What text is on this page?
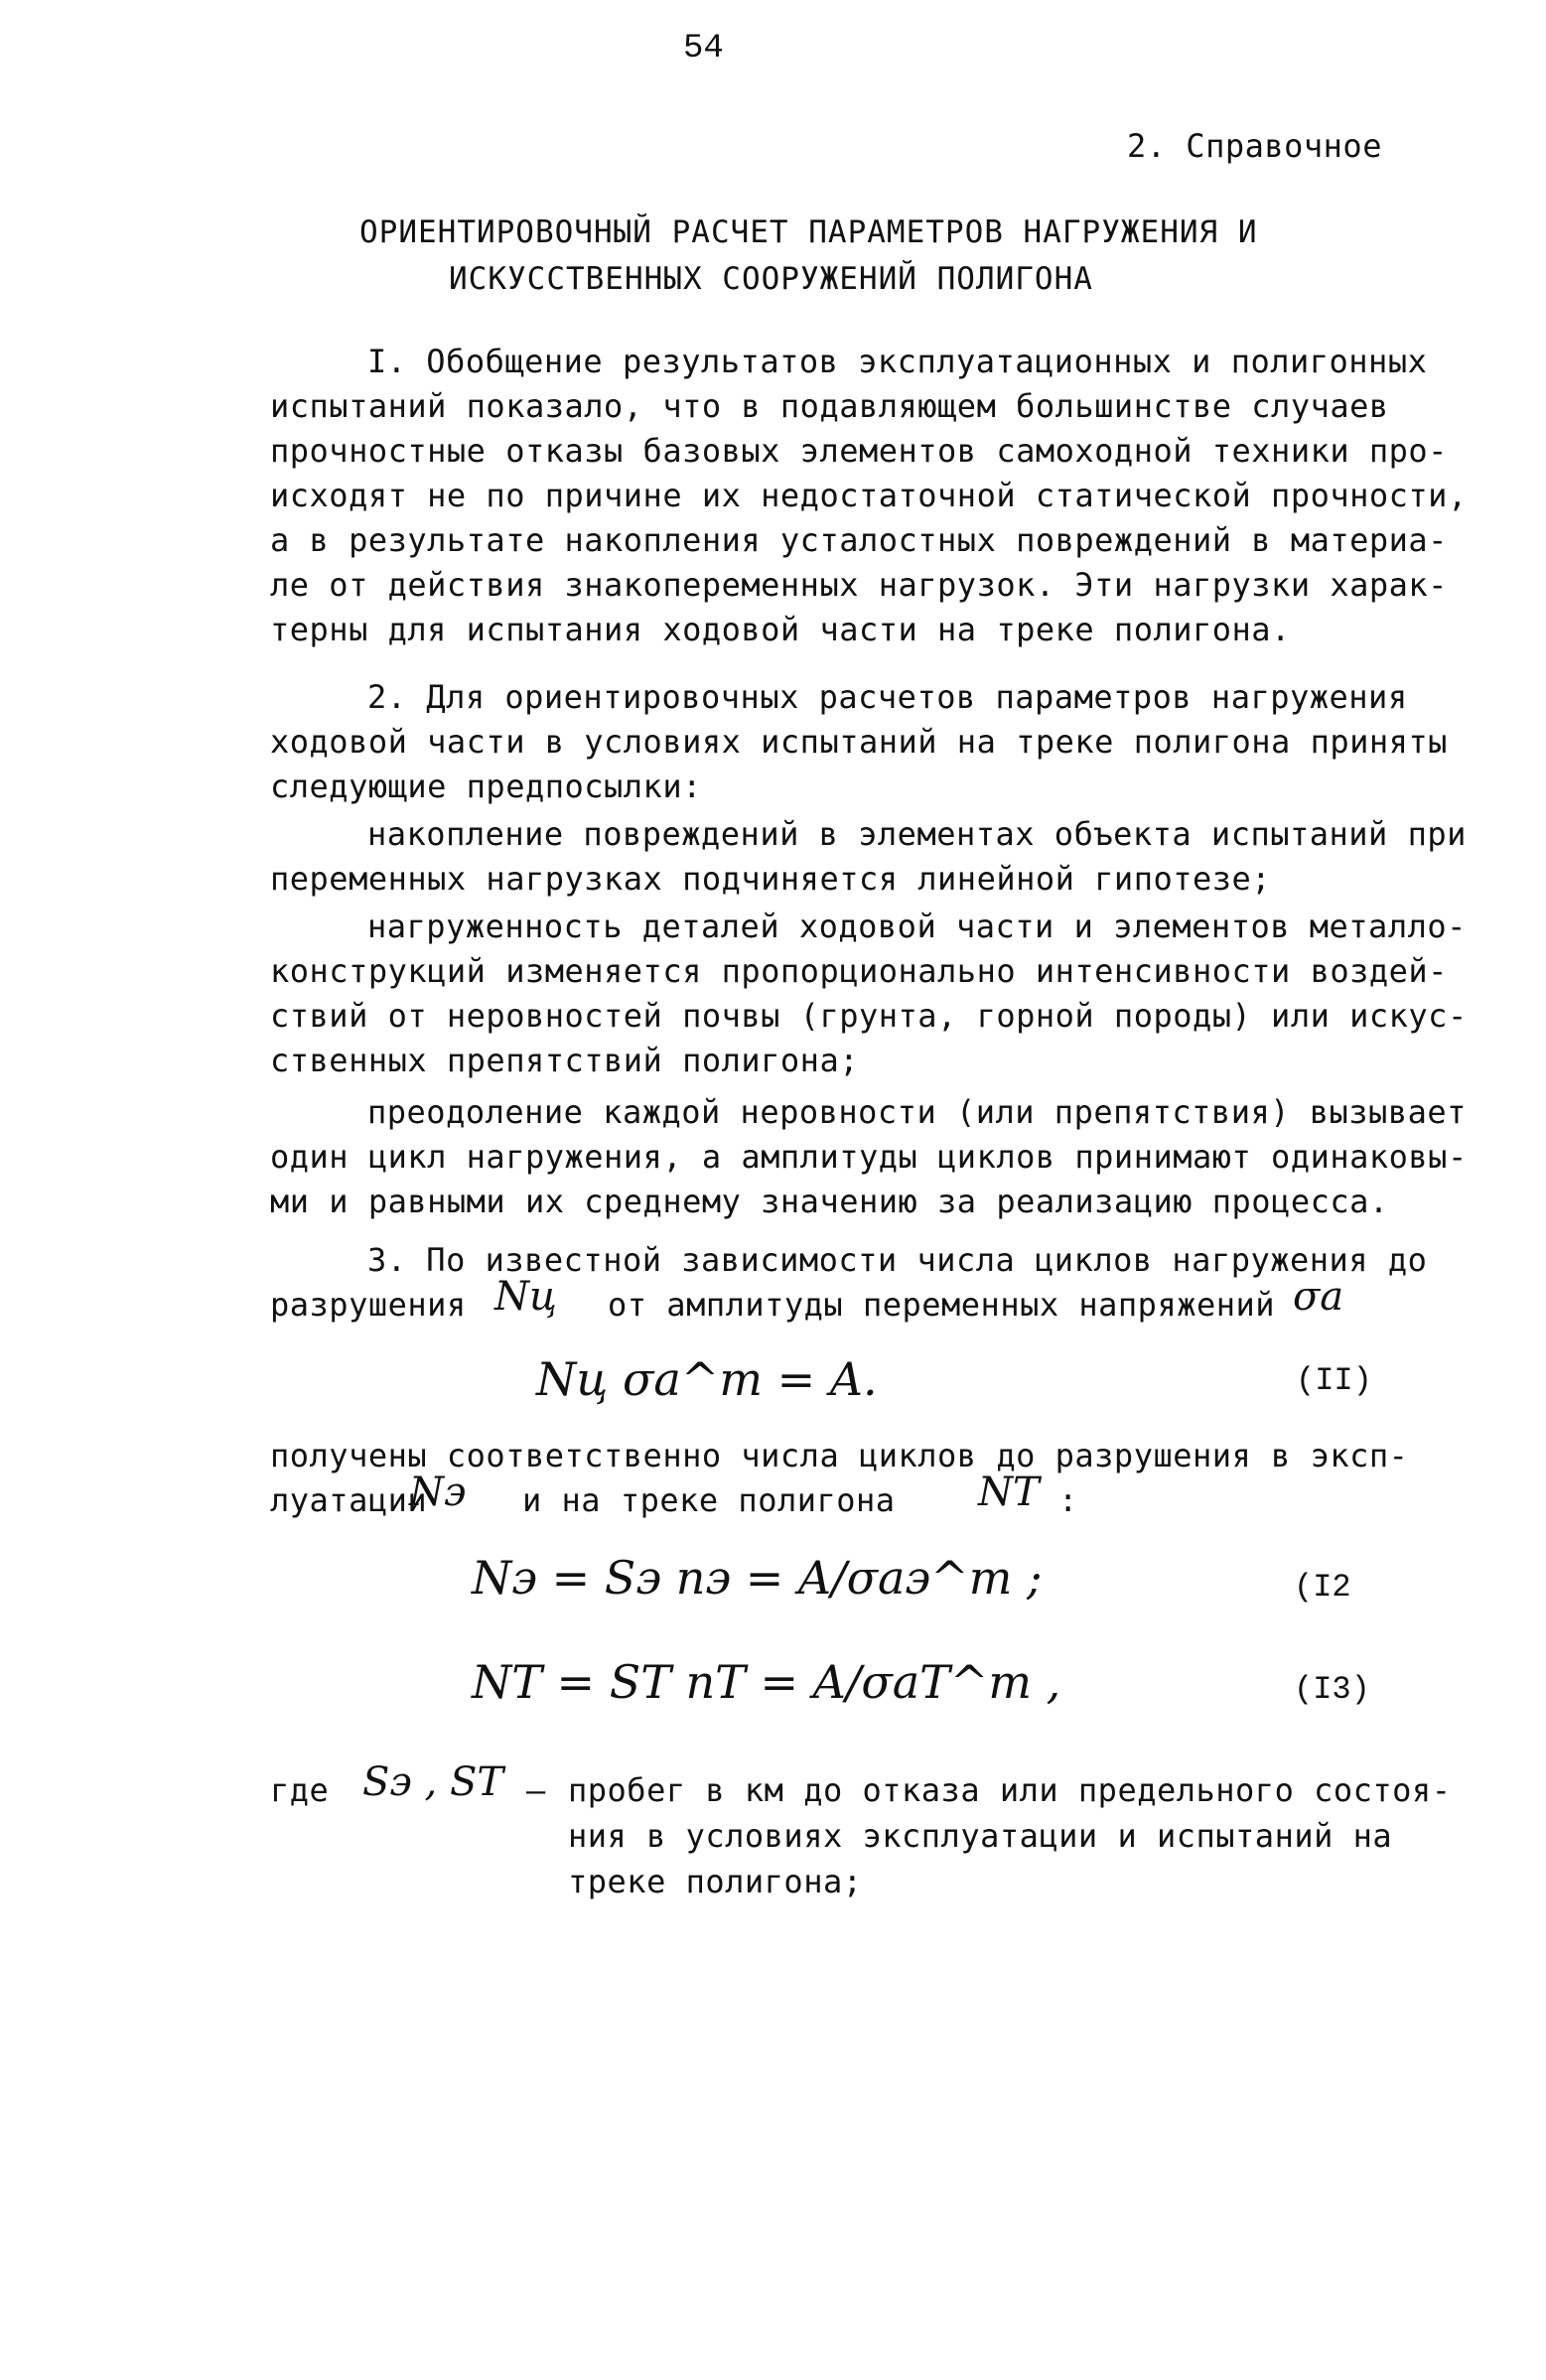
54
2. Справочное
ОРИЕНТИРОВОЧНЫЙ РАСЧЕТ ПАРАМЕТРОВ НАГРУЖЕНИЯ И
ИСКУССТВЕННЫХ СООРУЖЕНИЙ ПОЛИГОНА
I. Обобщение результатов эксплуатационных и полигонных
испытаний показало, что в подавляющем большинстве случаев
прочностные отказы базовых элементов самоходной техники про-
исходят не по причине их недостаточной статической прочности,
а в результате накопления усталостных повреждений в материа-
ле от действия знакопеременных нагрузок. Эти нагрузки харак-
терны для испытания ходовой части на треке полигона.
2. Для ориентировочных расчетов параметров нагружения
ходовой части в условиях испытаний на треке полигона приняты
следующие предпосылки:
накопление повреждений в элементах объекта испытаний при
переменных нагрузках подчиняется линейной гипотезе;
нагруженность деталей ходовой части и элементов металло-
конструкций изменяется пропорционально интенсивности воздей-
ствий от неровностей почвы (грунта, горной породы) или искус-
ственных препятствий полигона;
преодоление каждой неровности (или препятствия) вызывает
один цикл нагружения, а амплитуды циклов принимают одинаковы-
ми и равными их среднему значению за реализацию процесса.
3. По известной зависимости числа циклов нагружения до
разрушения Nц от амплитуды переменных напряжений σa
Nц σa^m = A.	(II)
получены соответственно числа циклов до разрушения в эксп-
луатации
Nэ и на треке полигона NТ :
Nэ = Sэ nэ = A/σaэ^m ;	(I2
NТ = SТ nТ = A/σaТ^m ,	(I3)
где Sэ , SТ – пробег в км до отказа или предельного состоя-
ния в условиях эксплуатации и испытаний на
треке полигона;
